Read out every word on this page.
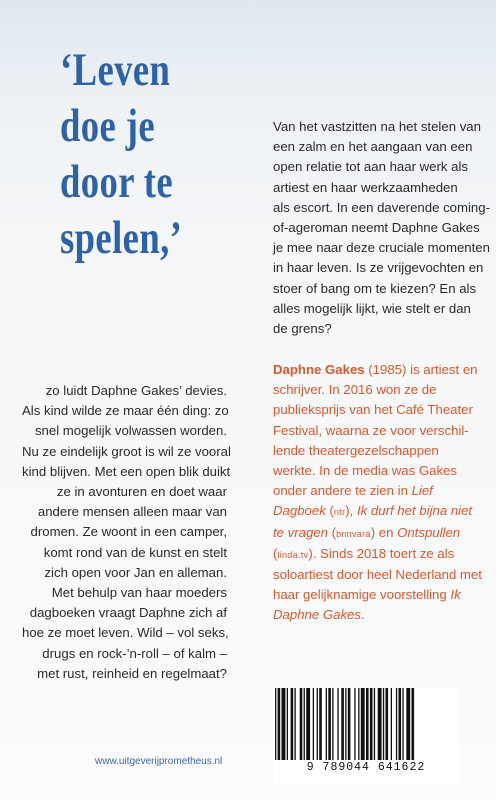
‘Leven
doe je
door te
spelen,’
Van het vastzitten na het stelen van
een zalm en het aangaan van een
open relatie tot aan haar werk als
artiest en haar werkzaamheden
als escort. In een daverende coming-
of-ageroman neemt Daphne Gakes
je mee naar deze cruciale momenten
in haar leven. Is ze vrijgevochten en
stoer of bang om te kiezen? En als
alles mogelijk lijkt, wie stelt er dan
de grens?
Daphne Gakes (1985) is artiest en
schrijver. In 2016 won ze de
publieksprijs van het Café Theater
Festival, waarna ze voor verschil-
lende theatergezelschappen
werkte. In de media was Gakes
onder andere te zien in Lief
Dagboek (ntr), Ik durf het bijna niet
te vragen (bnnvara) en Ontspullen
(linda.tv). Sinds 2018 toert ze als
soloartiest door heel Nederland met
haar gelijknamige voorstelling Ik
Daphne Gakes.
zo luidt Daphne Gakes’ devies.
Als kind wilde ze maar één ding: zo
snel mogelijk volwassen worden.
Nu ze eindelijk groot is wil ze vooral
kind blijven. Met een open blik duikt
ze in avonturen en doet waar
andere mensen alleen maar van
dromen. Ze woont in een camper,
komt rond van de kunst en stelt
zich open voor Jan en alleman.
Met behulp van haar moeders
dagboeken vraagt Daphne zich af
hoe ze moet leven. Wild – vol seks,
drugs en rock-’n-roll – of kalm –
met rust, reinheid en regelmaat?
www.uitgeverijprometheus.nl	9 789044 641622
